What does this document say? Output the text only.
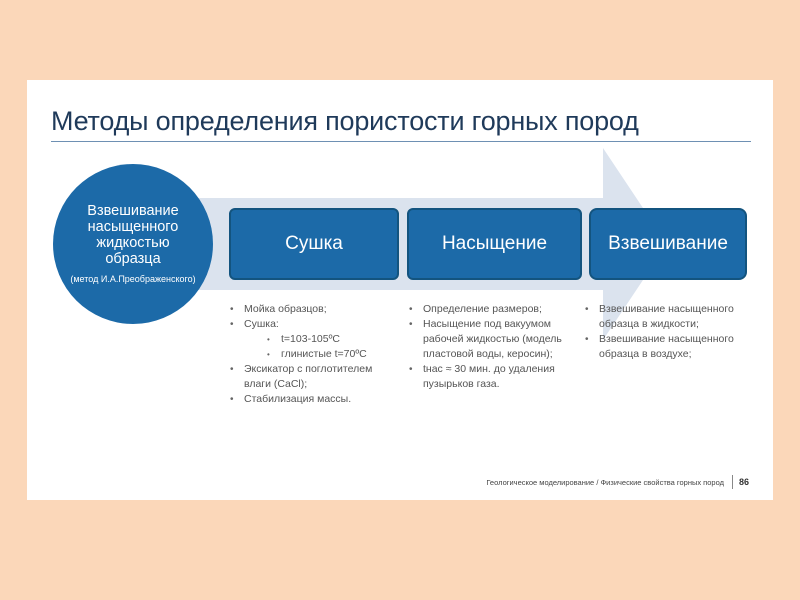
Методы определения пористости горных пород
Взвешивание насыщенного жидкостью образца
(метод И.А.Преображенского)
Сушка	Насыщение	Взвешивание
• Мойка образцов;
• Сушка:
• t=103-105ºC
• глинистые t=70ºC
• Эксикатор с поглотителем влаги (CaCl);
• Стабилизация массы.
• Определение размеров;
• Насыщение под вакуумом рабочей жидкостью (модель пластовой воды, керосин);
• tнас ≈ 30 мин. до удаления пузырьков газа.
• Взвешивание насыщенного образца в жидкости;
• Взвешивание насыщенного образца в воздухе;
Геологическое моделирование / Физические свойства горных пород 86
